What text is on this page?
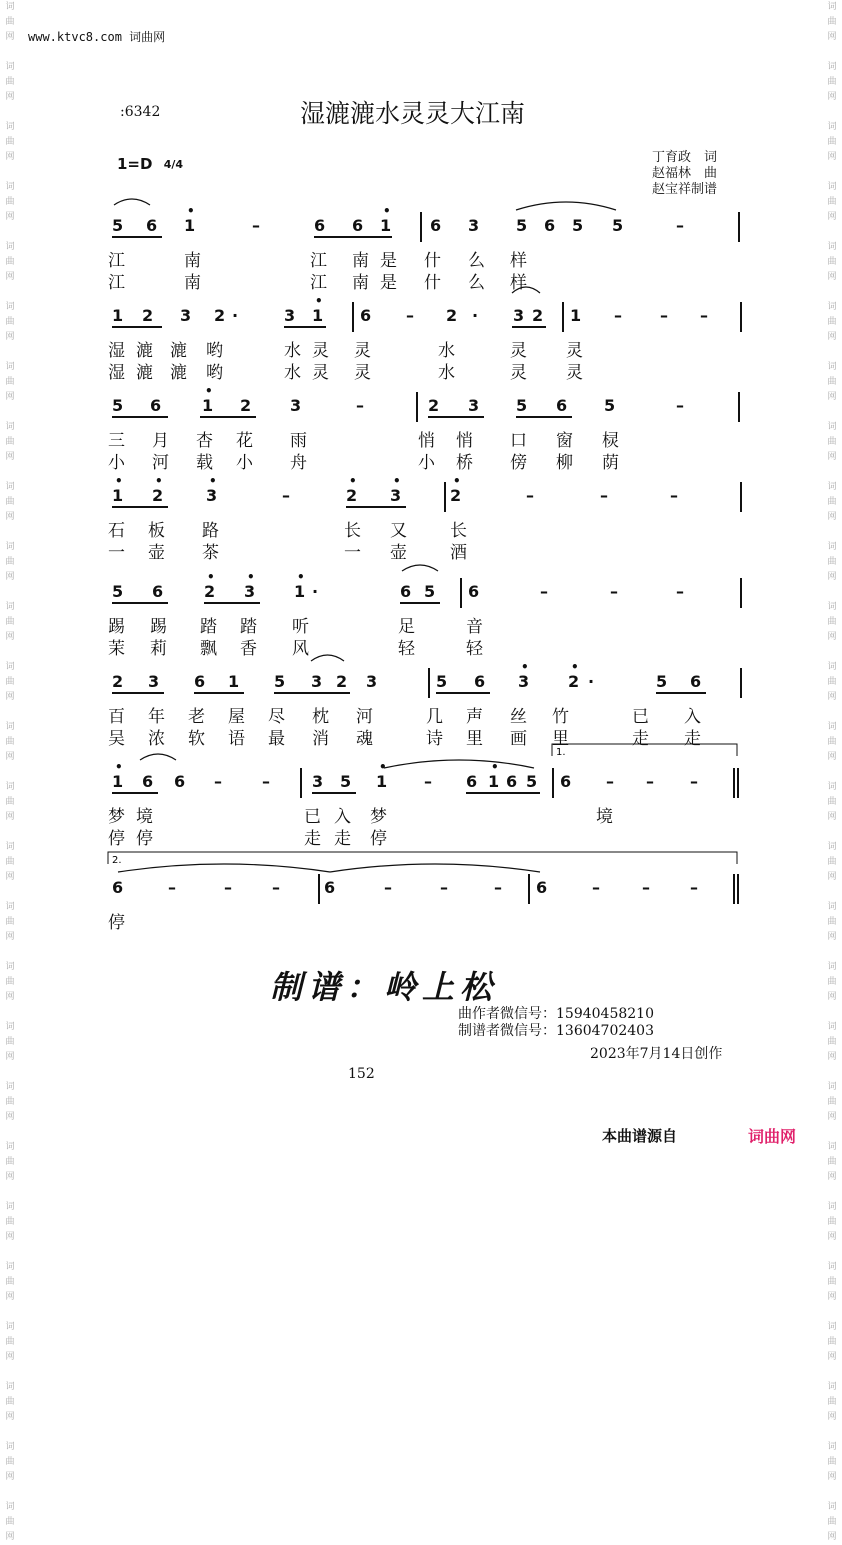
词
曲
网

词
曲
网

词
曲
网

词
曲
网

词
曲
网

词
曲
网

词
曲
网

词
曲
网

词
曲
网

词
曲
网

词
曲
网

词
曲
网

词
曲
网

词
曲
网

词
曲
网

词
曲
网

词
曲
网

词
曲
网

词
曲
网

词
曲
网

词
曲
网

词
曲
网

词
曲
网

词
曲
网

词
曲
网

词
曲
网

词
曲
网

词
曲
网

词
曲
网

词
曲
网

词
曲
网

词
曲
网

词
曲
网

词
曲
网

词
曲
网

词
曲
网

词
曲
网

词
曲
网

词
曲
网

词
曲
网

词
曲
网

词
曲
网

词
曲
网

词
曲
网

词
曲
网

词
曲
网

词
曲
网

词
曲
网

词
曲
网

词
曲
网

词
曲
网

词
曲
网

www.ktvc8.com 词曲网
:6342	湿漉漉水灵灵大江南
1=D 4/4	丁育政　词
赵福林　曲
赵宝祥制谱
5 6 1
•
–	6 6 1
•
6 3 5 6 5 5	–
江	南	江 南 是 什 么 样
江	南	江 南 是 什 么 样
1 2 3 2 ·	3 1
•
6 – 2 · 3 2 1 – – –
湿 漉 漉 哟	水 灵 灵	水	灵 灵
湿 漉 漉 哟	水 灵 灵	水	灵 灵
5 6	1
•
2 3	–	2 3 5 6 5	–
三 月 杏 花 雨	悄 悄 口 窗 棂
小 河 载 小 舟	小 桥 傍 柳 荫
1
•
2
•
3
•
–	2
•
3
•
2
•
–	–	–
石 板 路	长 又	长
一 壶 茶	一 壶	酒
5 6	2
•
3
•
1
•
·	6 5 6	–	–	–
踢 踢 踏 踏 听	足	音
茉 莉 飘 香 风	轻	轻
2 3 6 1 5 3 2 3	5 6 3
•
2
•
·	5 6
百 年 老 屋 尽 枕 河	几 声 丝 竹	已 入
吴 浓 软 语 最 消 魂	诗 里 画 里	走 走
1
•
6 6 –	–	3 5 1
•
– 6 1
•
6 5 6 – – –
梦 境	已 入 梦	境
停 停	走 走 停
6	–	–	–	6	–	–	– 6	–	–	–
停
1.
2.
制谱：岭上松
曲作者微信号：15940458210
制谱者微信号：13604702403
2023年7月14日创作
152
本曲谱源自	词曲网
